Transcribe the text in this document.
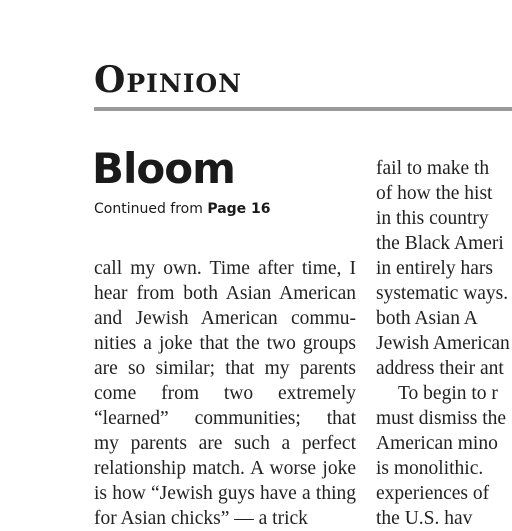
Opinion
Bloom
Continued from Page 16
call my own. Time after time, I
hear from both Asian American
and Jewish American commu-
nities a joke that the two groups
are so similar; that my parents
come from two extremely
“learned” communities; that
my parents are such a perfect
relationship match. A worse joke
is how “Jewish guys have a thing
for Asian chicks” — a trick
fail to make th
of how the hist
in this country
the Black Ameri
in entirely hars
systematic ways.
both Asian A
Jewish American
address their ant
To begin to r
must dismiss the
American mino
is monolithic.
experiences of
the U.S. hav
